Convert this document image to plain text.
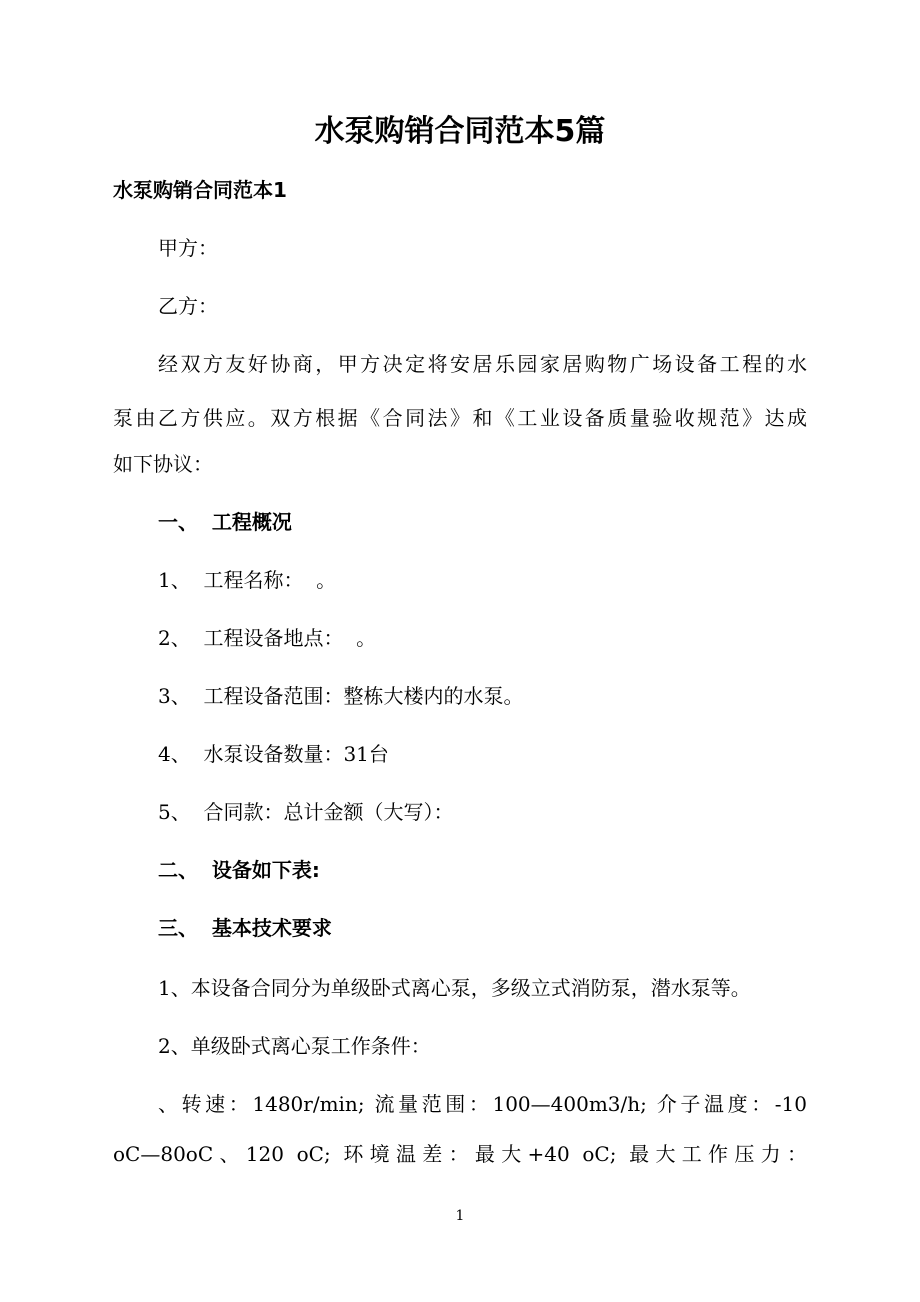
水泵购销合同范本5篇
水泵购销合同范本1
甲方：
乙方：
经双方友好协商，甲方决定将安居乐园家居购物广场设备工程的水
泵由乙方供应。双方根据《合同法》和《工业设备质量验收规范》达成
如下协议：
一、  工程概况
1、  工程名称：  。
2、  工程设备地点：  。
3、  工程设备范围：整栋大楼内的水泵。
4、  水泵设备数量：31台
5、  合同款：总计金额（大写）：
二、  设备如下表:
三、  基本技术要求
1、本设备合同分为单级卧式离心泵，多级立式消防泵，潜水泵等。
2、单级卧式离心泵工作条件：
、转速：1480r/min; 流量范围：100—400m3/h; 介子温度：-10
oC—80oC、120 oC; 环境温差：最大+40 oC; 最大工作压力：
1
